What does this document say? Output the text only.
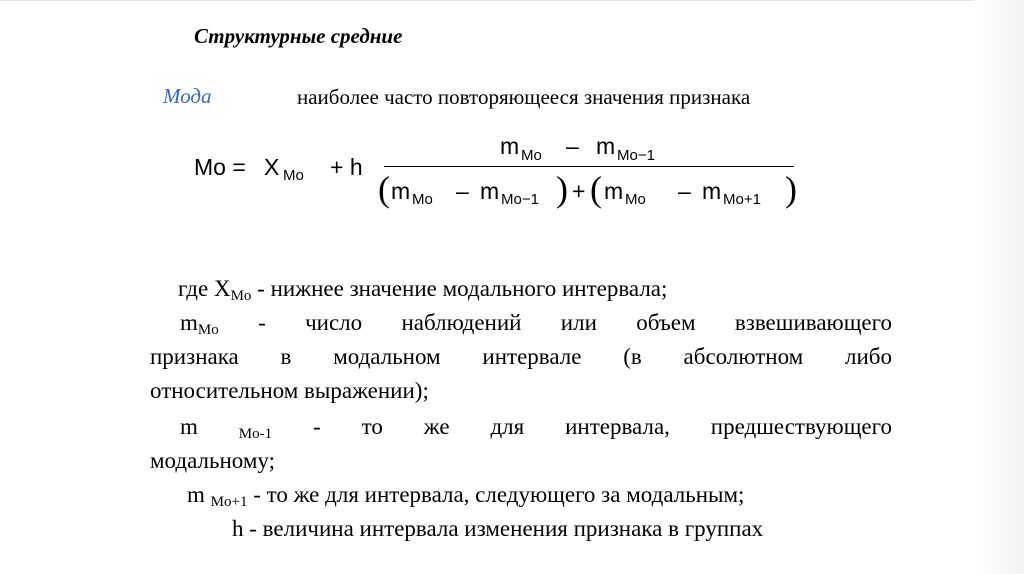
Структурные средние
Мода	наиболее часто повторяющееся значения признака
Mo = X Mo + h
m Mo – m Mo−1
( m Mo – m Mo−1 ) + ( m Mo – m Mo+1 )
где $X_{Mo}$ - нижнее значение модального интервала;
$m_{Mo}$ - число наблюдений или объем взвешивающего
признака в модальном интервале (в абсолютном либо
относительном выражении);
m	$_{Mo-1}$ - то же для интервала, предшествующего
модальному;
m $_{Mo+1}$ - то же для интервала, следующего за модальным;
h - величина интервала изменения признака в группах
